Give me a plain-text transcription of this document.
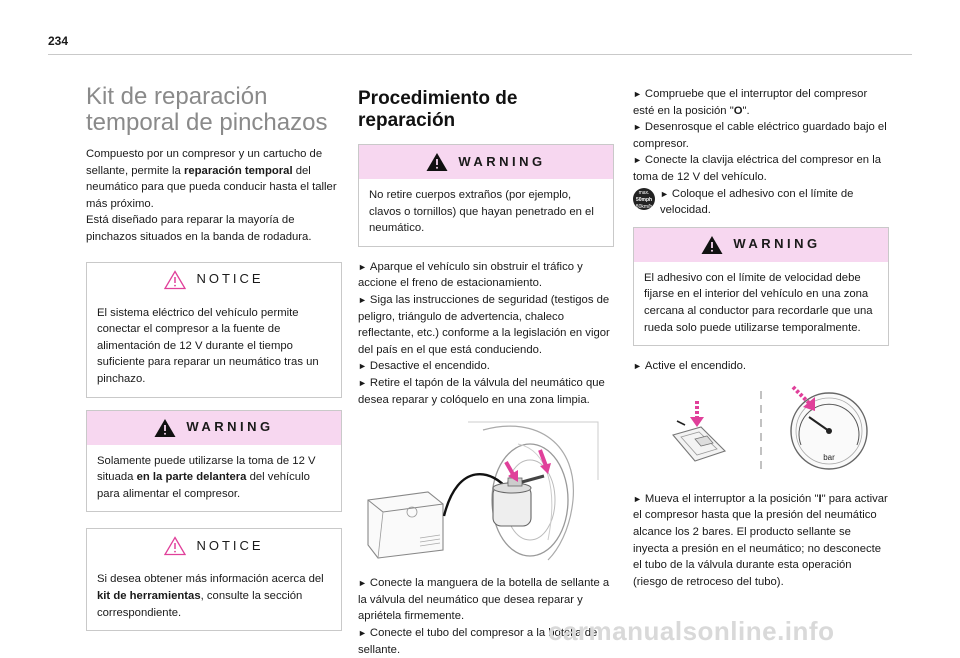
234
Kit de reparación temporal de pinchazos

Compuesto por un compresor y un cartucho de sellante, permite la reparación temporal del neumático para que pueda conducir hasta el taller más próximo.

Está diseñado para reparar la mayoría de pinchazos situados en la banda de rodadura.

NOTICE
El sistema eléctrico del vehículo permite conectar el compresor a la fuente de alimentación de 12 V durante el tiempo suficiente para reparar un neumático tras un pinchazo.
WARNING
Solamente puede utilizarse la toma de 12 V situada en la parte delantera del vehículo para alimentar el compresor.
NOTICE
Si desea obtener más información acerca del kit de herramientas, consulte la sección correspondiente.
Procedimiento de reparación
WARNING
No retire cuerpos extraños (por ejemplo, clavos o tornillos) que hayan penetrado en el neumático.

► Aparque el vehículo sin obstruir el tráfico y accione el freno de estacionamiento.

► Siga las instrucciones de seguridad (testigos de peligro, triángulo de advertencia, chaleco reflectante, etc.) conforme a la legislación en vigor del país en el que está conduciendo.

► Desactive el encendido.

► Retire el tapón de la válvula del neumático que desea reparar y colóquelo en una zona limpia.

► Conecte la manguera de la botella de sellante a la válvula del neumático que desea reparar y apriétela firmemente.

► Conecte el tubo del compresor a la botella de sellante.

► Compruebe que el interruptor del compresor esté en la posición "O".

► Desenrosque el cable eléctrico guardado bajo el compresor.

► Conecte la clavija eléctrica del compresor en la toma de 12 V del vehículo.

max.
50mph
80km/h
► Coloque el adhesivo con el límite de velocidad.

WARNING
El adhesivo con el límite de velocidad debe fijarse en el interior del vehículo en una zona cercana al conductor para recordarle que una rueda solo puede utilizarse temporalmente.

► Active el encendido.

bar

► Mueva el interruptor a la posición "I" para activar el compresor hasta que la presión del neumático alcance los 2 bares. El producto sellante se inyecta a presión en el neumático; no desconecte el tubo de la válvula durante esta operación (riesgo de retroceso del tubo).

carmanualsonline.info
